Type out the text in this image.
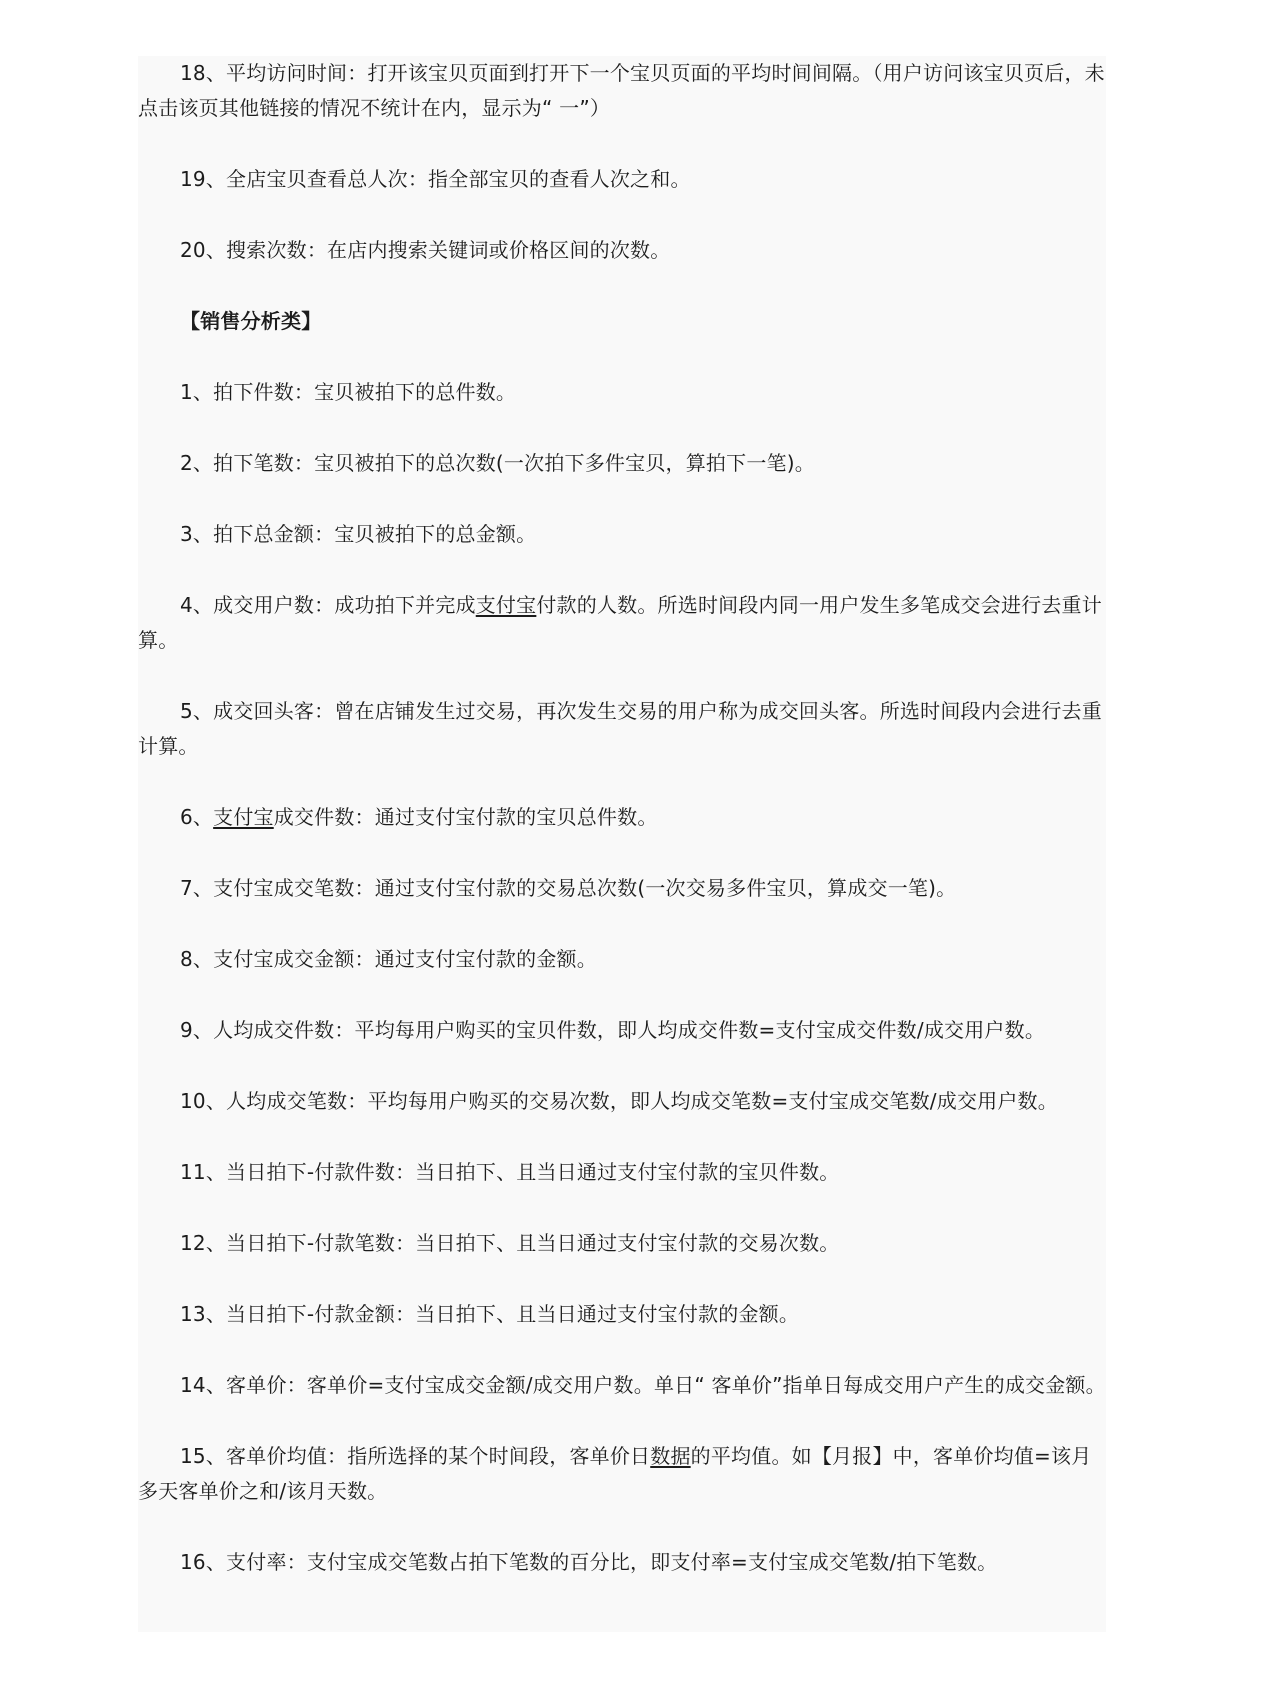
18、平均访问时间：打开该宝贝页面到打开下一个宝贝页面的平均时间间隔。（用户访问该宝贝页后，未点击该页其他链接的情况不统计在内，显示为“ 一”）

19、全店宝贝查看总人次：指全部宝贝的查看人次之和。

20、搜索次数：在店内搜索关键词或价格区间的次数。

【销售分析类】

1、拍下件数：宝贝被拍下的总件数。

2、拍下笔数：宝贝被拍下的总次数(一次拍下多件宝贝，算拍下一笔)。

3、拍下总金额：宝贝被拍下的总金额。

4、成交用户数：成功拍下并完成支付宝付款的人数。所选时间段内同一用户发生多笔成交会进行去重计算。

5、成交回头客：曾在店铺发生过交易，再次发生交易的用户称为成交回头客。所选时间段内会进行去重计算。

6、支付宝成交件数：通过支付宝付款的宝贝总件数。

7、支付宝成交笔数：通过支付宝付款的交易总次数(一次交易多件宝贝，算成交一笔)。

8、支付宝成交金额：通过支付宝付款的金额。

9、人均成交件数：平均每用户购买的宝贝件数，即人均成交件数=支付宝成交件数/成交用户数。

10、人均成交笔数：平均每用户购买的交易次数，即人均成交笔数=支付宝成交笔数/成交用户数。

11、当日拍下-付款件数：当日拍下、且当日通过支付宝付款的宝贝件数。

12、当日拍下-付款笔数：当日拍下、且当日通过支付宝付款的交易次数。

13、当日拍下-付款金额：当日拍下、且当日通过支付宝付款的金额。

14、客单价：客单价=支付宝成交金额/成交用户数。单日“ 客单价”指单日每成交用户产生的成交金额。

15、客单价均值：指所选择的某个时间段，客单价日数据的平均值。如【月报】中，客单价均值=该月多天客单价之和/该月天数。

16、支付率：支付宝成交笔数占拍下笔数的百分比，即支付率=支付宝成交笔数/拍下笔数。
